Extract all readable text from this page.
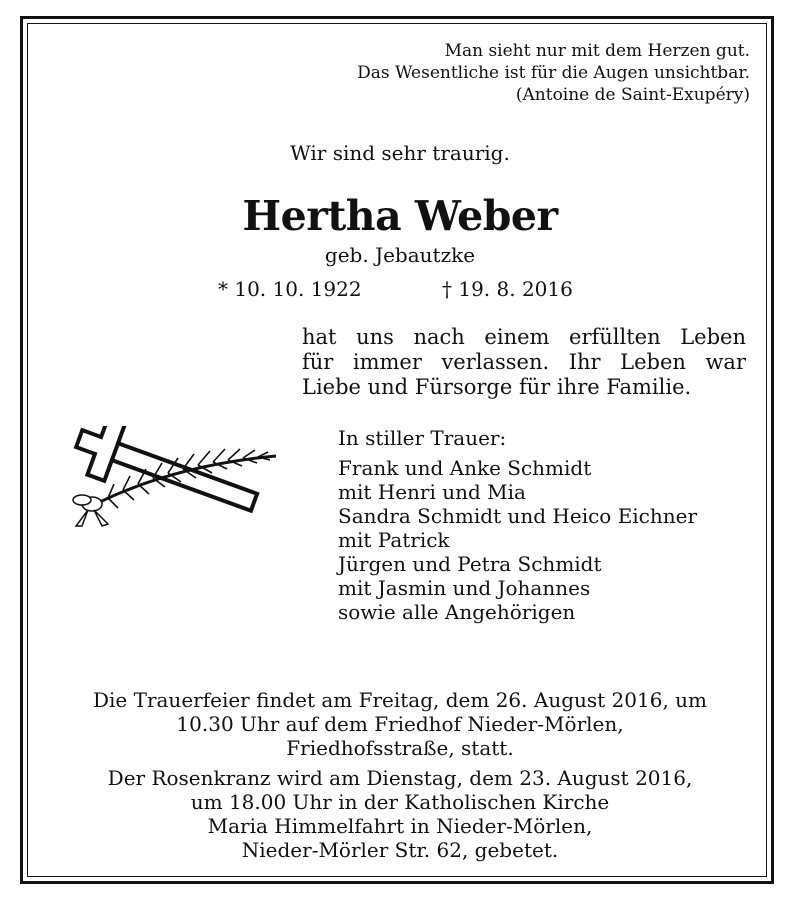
Man sieht nur mit dem Herzen gut.
Das Wesentliche ist für die Augen unsichtbar.
(Antoine de Saint-Exupéry)
Wir sind sehr traurig.
Hertha Weber
geb. Jebautzke
* 10. 10. 1922	† 19. 8. 2016
hat uns nach einem erfüllten Leben
für immer verlassen. Ihr Leben war
Liebe und Fürsorge für ihre Familie.
In stiller Trauer:
Frank und Anke Schmidt
mit Henri und Mia
Sandra Schmidt und Heico Eichner
mit Patrick
Jürgen und Petra Schmidt
mit Jasmin und Johannes
sowie alle Angehörigen
Die Trauerfeier findet am Freitag, dem 26. August 2016, um
10.30 Uhr auf dem Friedhof Nieder-Mörlen,
Friedhofsstraße, statt.
Der Rosenkranz wird am Dienstag, dem 23. August 2016,
um 18.00 Uhr in der Katholischen Kirche
Maria Himmelfahrt in Nieder-Mörlen,
Nieder-Mörler Str. 62, gebetet.
